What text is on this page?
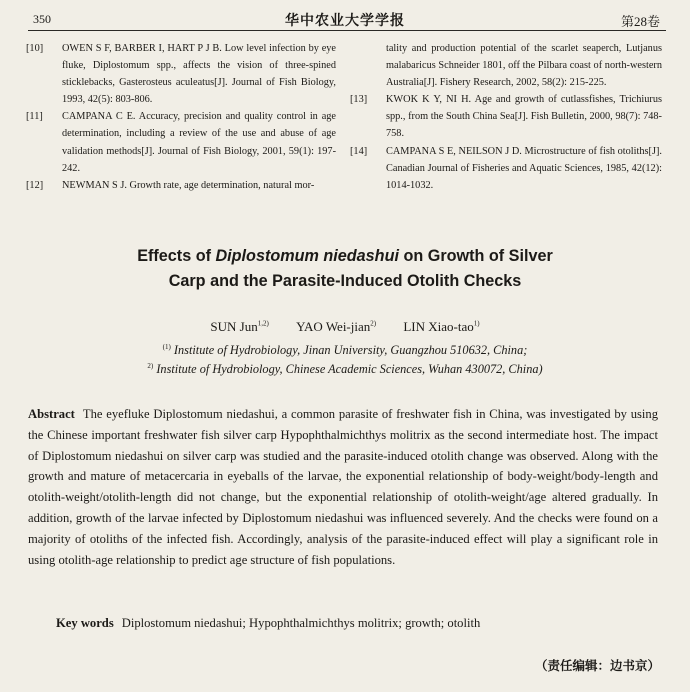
350	华中农业大学学报	第28卷

[10] OWEN S F, BARBER I, HART P J B. Low level infection by eye fluke, Diplostomum spp., affects the vision of three-spined sticklebacks, Gasterosteus aculeatus[J]. Journal of Fish Biology, 1993, 42(5): 803-806.

[11] CAMPANA C E. Accuracy, precision and quality control in age determination, including a review of the use and abuse of age validation methods[J]. Journal of Fish Biology, 2001, 59(1): 197-242.

[12] NEWMAN S J. Growth rate, age determination, natural mor-

tality and production potential of the scarlet seaperch, Lutjanus malabaricus Schneider 1801, off the Pilbara coast of north-western Australia[J]. Fishery Research, 2002, 58(2): 215-225.

[13] KWOK K Y, NI H. Age and growth of cutlassfishes, Trichiurus spp., from the South China Sea[J]. Fish Bulletin, 2000, 98(7): 748-758.

[14] CAMPANA S E, NEILSON J D. Microstructure of fish otoliths[J]. Canadian Journal of Fisheries and Aquatic Sciences, 1985, 42(12): 1014-1032.

Effects of Diplostomum niedashui on Growth of Silver
Carp and the Parasite-Induced Otolith Checks
SUN Jun$^{1,2)}$ YAO Wei-jian$^{2)}$ LIN Xiao-tao$^{1)}$
$^{(1)}$ Institute of Hydrobiology, Jinan University, Guangzhou 510632, China;
$^{2)}$ Institute of Hydrobiology, Chinese Academic Sciences, Wuhan 430072, China)
Abstract The eyefluke Diplostomum niedashui, a common parasite of freshwater fish in China, was investigated by using the Chinese important freshwater fish silver carp Hypophthalmichthys molitrix as the second intermediate host. The impact of Diplostomum niedashui on silver carp was studied and the parasite-induced otolith change was observed. Along with the growth and mature of metacercaria in eyeballs of the larvae, the exponential relationship of body-weight/body-length and otolith-weight/otolith-length did not change, but the exponential relationship of otolith-weight/age altered gradually. In addition, growth of the larvae infected by Diplostomum niedashui was influenced severely. And the checks were found on a majority of otoliths of the infected fish. Accordingly, analysis of the parasite-induced effect will play a significant role in using otolith-age relationship to predict age structure of fish populations.
Key words Diplostomum niedashui; Hypophthalmichthys molitrix; growth; otolith
（责任编辑：边书京）
